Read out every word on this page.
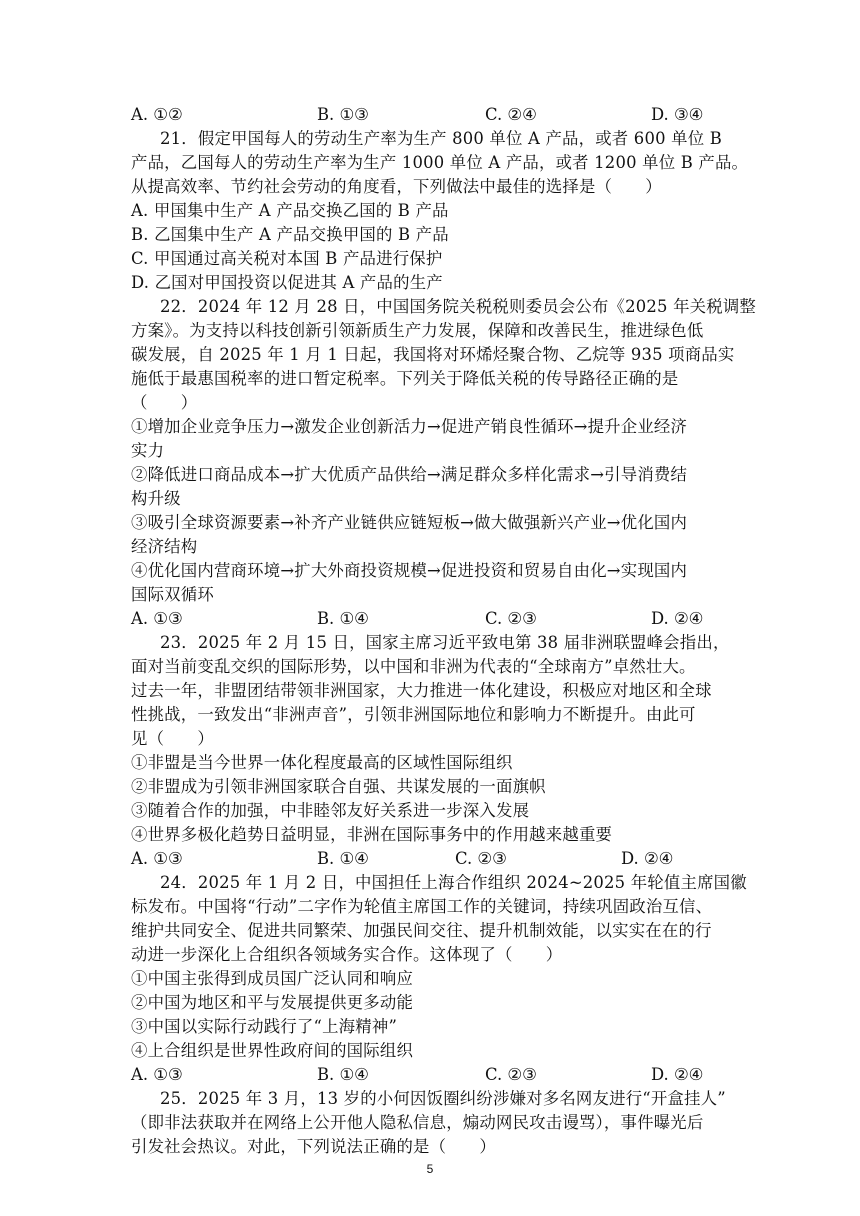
A. ①②	B. ①③	C. ②④	D. ③④
21．假定甲国每人的劳动生产率为生产 800 单位 A 产品，或者 600 单位 B
产品，乙国每人的劳动生产率为生产 1000 单位 A 产品，或者 1200 单位 B 产品。
从提高效率、节约社会劳动的角度看，下列做法中最佳的选择是（　　）
A. 甲国集中生产 A 产品交换乙国的 B 产品
B. 乙国集中生产 A 产品交换甲国的 B 产品
C. 甲国通过高关税对本国 B 产品进行保护
D. 乙国对甲国投资以促进其 A 产品的生产
22．2024 年 12 月 28 日，中国国务院关税税则委员会公布《2025 年关税调整
方案》。为支持以科技创新引领新质生产力发展，保障和改善民生，推进绿色低
碳发展，自 2025 年 1 月 1 日起，我国将对环烯烃聚合物、乙烷等 935 项商品实
施低于最惠国税率的进口暂定税率。下列关于降低关税的传导路径正确的是
（　　）
①增加企业竞争压力→激发企业创新活力→促进产销良性循环→提升企业经济
实力
②降低进口商品成本→扩大优质产品供给→满足群众多样化需求→引导消费结
构升级
③吸引全球资源要素→补齐产业链供应链短板→做大做强新兴产业→优化国内
经济结构
④优化国内营商环境→扩大外商投资规模→促进投资和贸易自由化→实现国内
国际双循环
A. ①③	B. ①④	C. ②③	D. ②④
23．2025 年 2 月 15 日，国家主席习近平致电第 38 届非洲联盟峰会指出，
面对当前变乱交织的国际形势，以中国和非洲为代表的“全球南方”卓然壮大。
过去一年，非盟团结带领非洲国家，大力推进一体化建设，积极应对地区和全球
性挑战，一致发出“非洲声音”，引领非洲国际地位和影响力不断提升。由此可
见（　　）
①非盟是当今世界一体化程度最高的区域性国际组织
②非盟成为引领非洲国家联合自强、共谋发展的一面旗帜
③随着合作的加强，中非睦邻友好关系进一步深入发展
④世界多极化趋势日益明显，非洲在国际事务中的作用越来越重要
A. ①③	B. ①④	C. ②③	D. ②④
24．2025 年 1 月 2 日，中国担任上海合作组织 2024~2025 年轮值主席国徽
标发布。中国将“行动”二字作为轮值主席国工作的关键词，持续巩固政治互信、
维护共同安全、促进共同繁荣、加强民间交往、提升机制效能，以实实在在的行
动进一步深化上合组织各领域务实合作。这体现了（　　）
①中国主张得到成员国广泛认同和响应
②中国为地区和平与发展提供更多动能
③中国以实际行动践行了“上海精神”
④上合组织是世界性政府间的国际组织
A. ①③	B. ①④	C. ②③	D. ②④
25．2025 年 3 月，13 岁的小何因饭圈纠纷涉嫌对多名网友进行“开盒挂人”
（即非法获取并在网络上公开他人隐私信息，煽动网民攻击谩骂），事件曝光后
引发社会热议。对此，下列说法正确的是（　　）
5
